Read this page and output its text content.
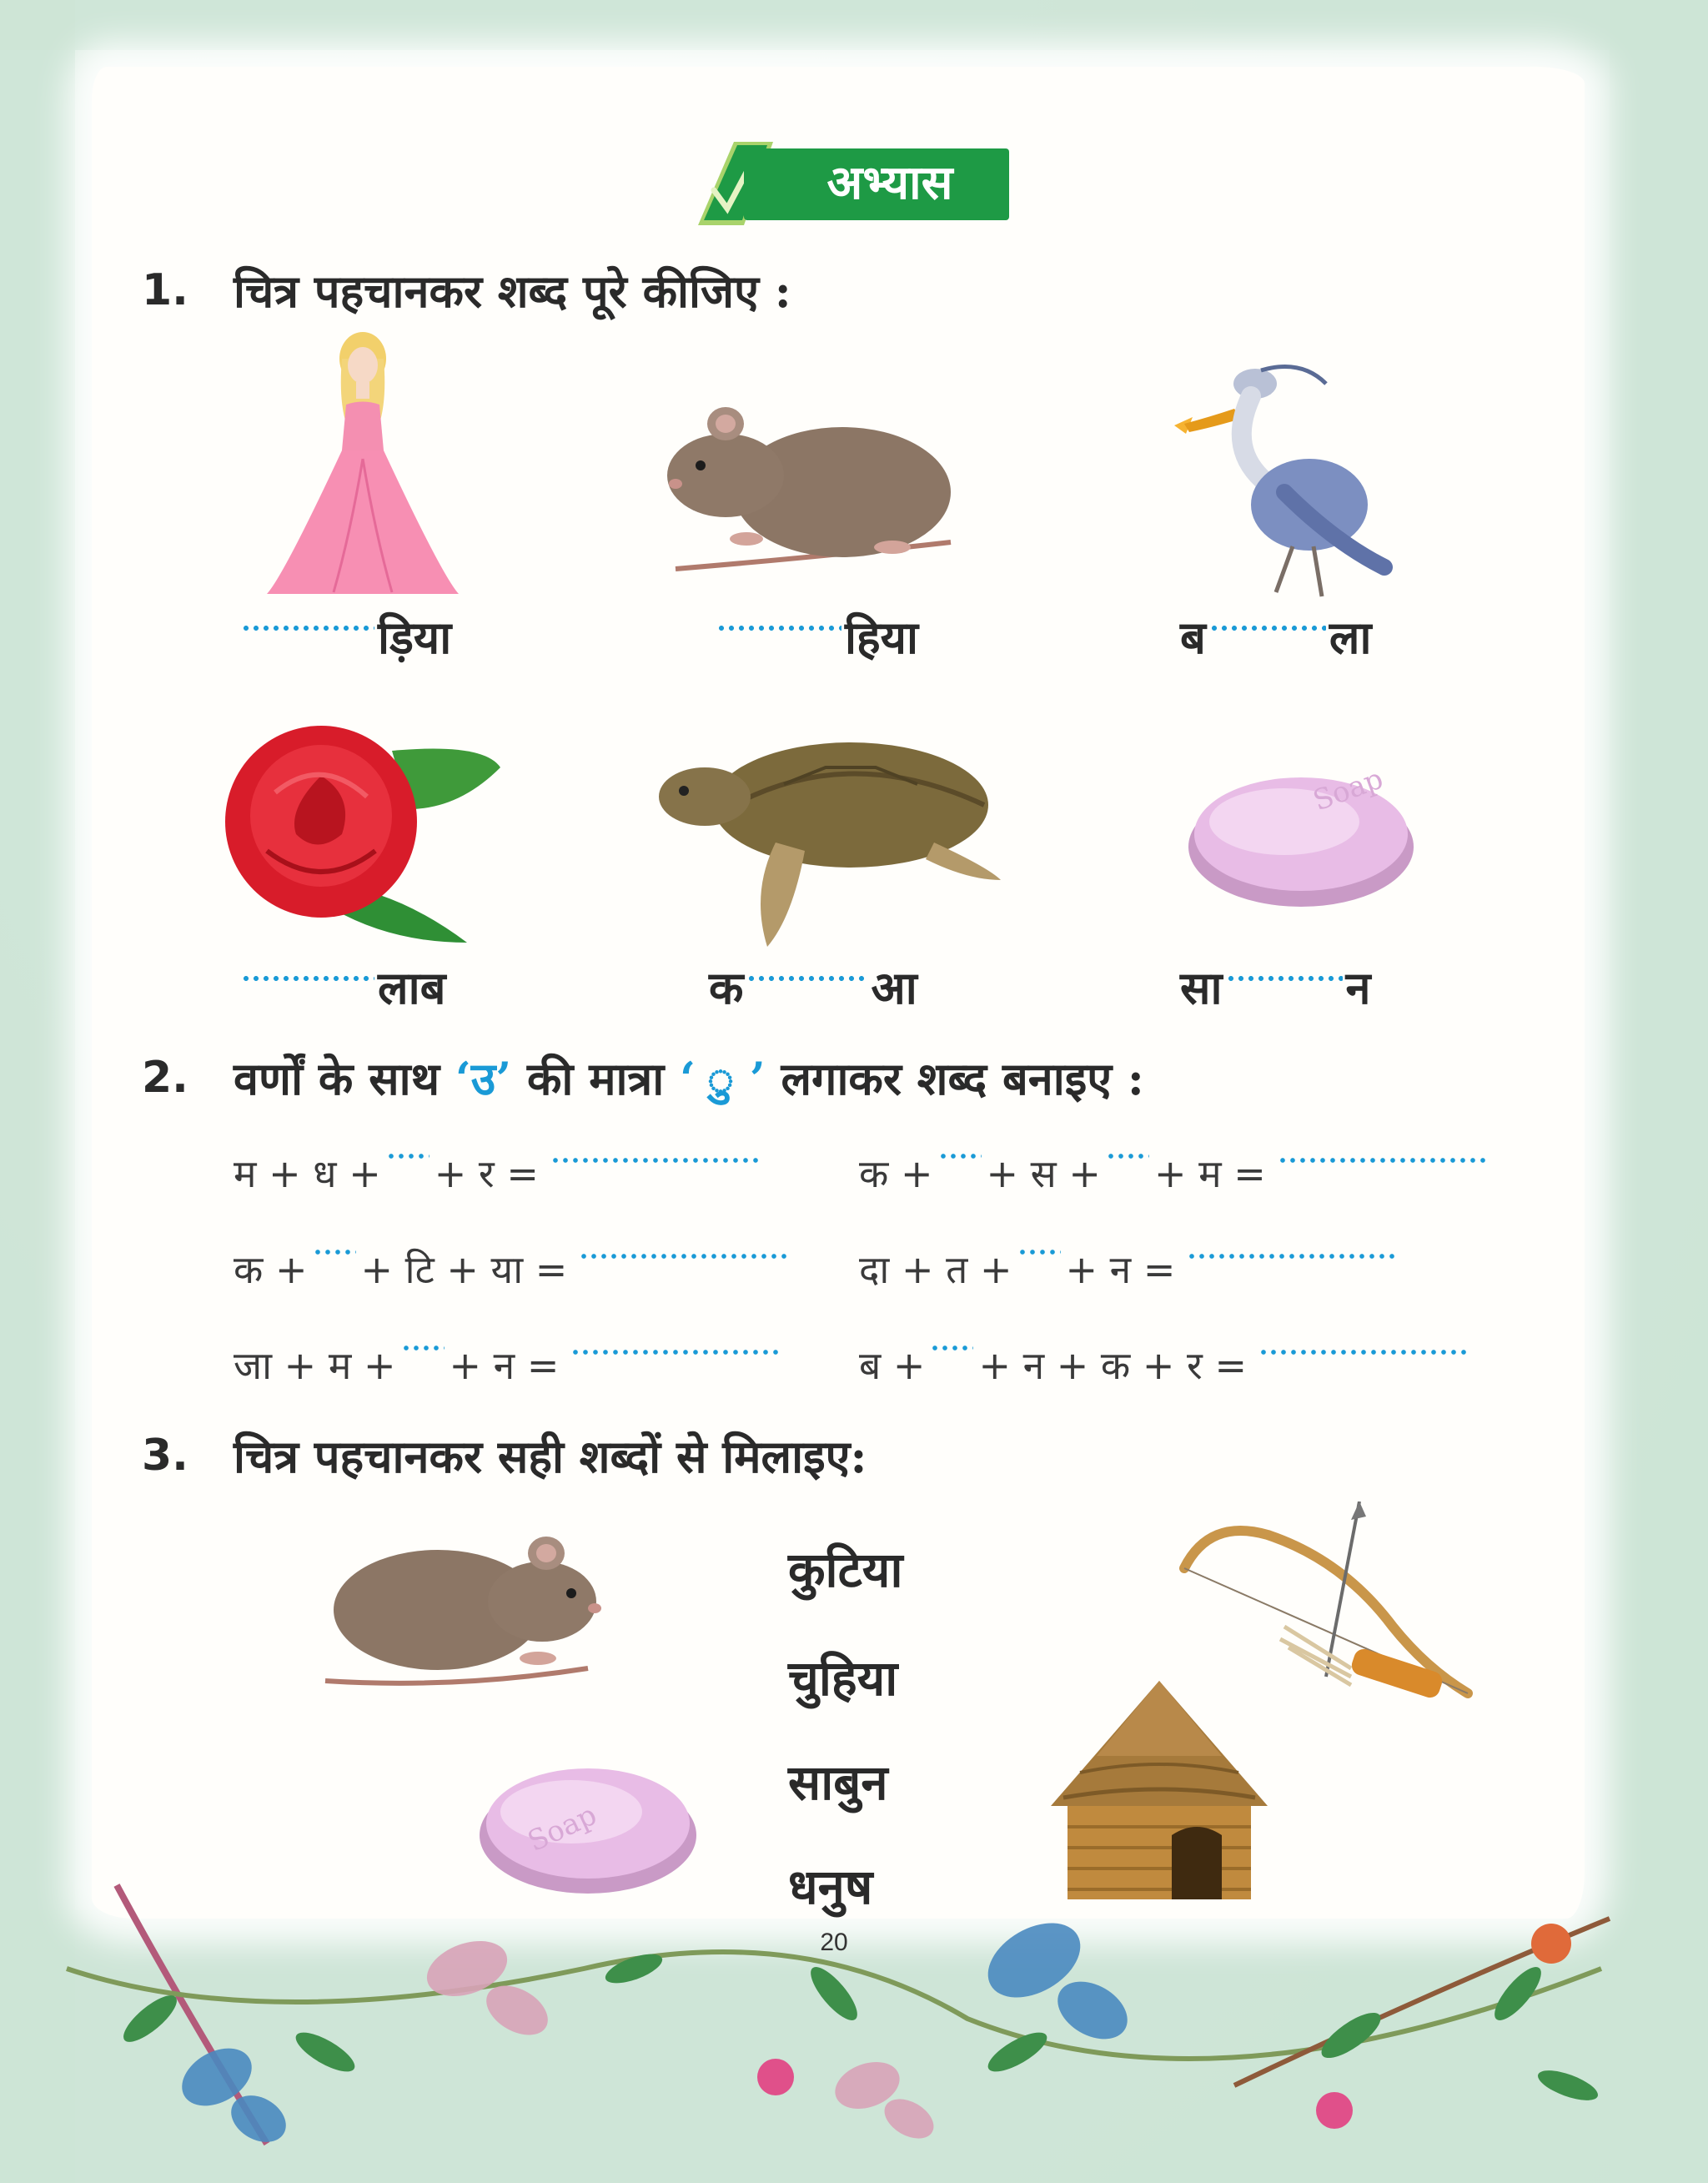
अभ्यास
1. चित्र पहचानकर शब्द पूरे कीजिए :
ड़िया	हिया	ब	ला
Soap
लाब	क	आ	सा	न
2. वर्णों के साथ ‘उ’ की मात्रा ‘ ु ’ लगाकर शब्द बनाइए :
म + ध + + र =	क + + स + + म =
क + + टि + या =	दा + त + + न =
जा + म + + न =	ब + + न + क + र =
3. चित्र पहचानकर सही शब्दों से मिलाइए:
Soap
कुटिया
चुहिया
साबुन
धनुष
20
